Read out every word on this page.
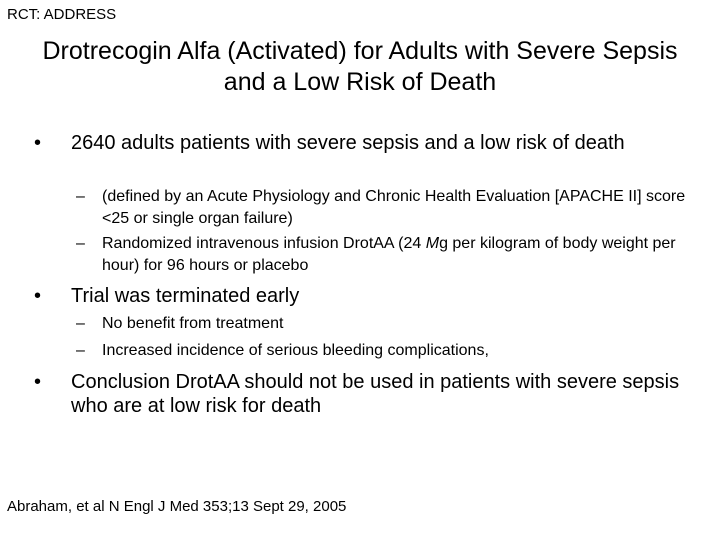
RCT: ADDRESS
Drotrecogin Alfa (Activated) for Adults with Severe Sepsis and a Low Risk of Death
• 2640 adults patients with severe sepsis and a low risk of death
– (defined by an Acute Physiology and Chronic Health Evaluation [APACHE II] score <25 or single organ failure)
– Randomized intravenous infusion DrotAA (24 Mg per kilogram of body weight per hour) for 96 hours or placebo
• Trial was terminated early
– No benefit from treatment
– Increased incidence of serious bleeding complications,
• Conclusion DrotAA should not be used in patients with severe sepsis who are at low risk for death
Abraham, et al N Engl J Med 353;13 Sept 29, 2005
